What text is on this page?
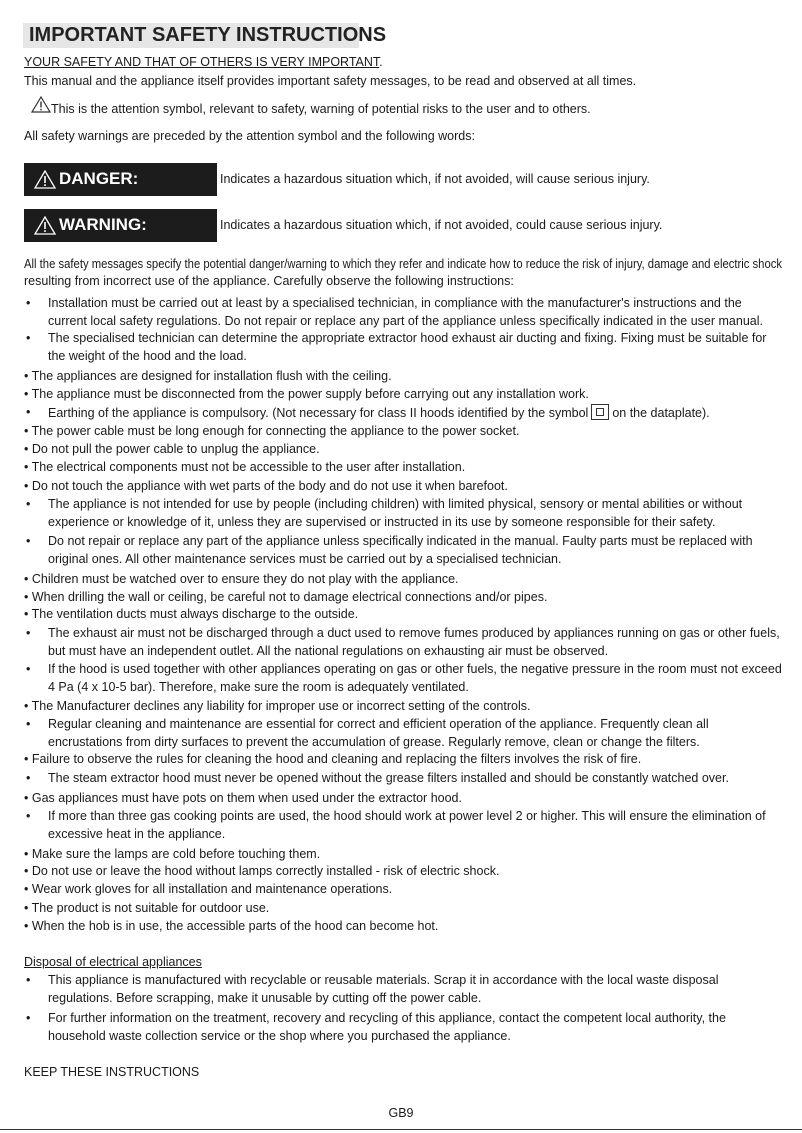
IMPORTANT SAFETY INSTRUCTIONS
YOUR SAFETY AND THAT OF OTHERS IS VERY IMPORTANT.
This manual and the appliance itself provides important safety messages, to be read and observed at all times.
This is the attention symbol, relevant to safety, warning of potential risks to the user and to others.
All safety warnings are preceded by the attention symbol and the following words:
DANGER:	Indicates a hazardous situation which, if not avoided, will cause serious injury.
WARNING:	Indicates a hazardous situation which, if not avoided, could cause serious injury.
All the safety messages specify the potential danger/warning to which they refer and indicate how to reduce the risk of injury, damage and electric shock
resulting from incorrect use of the appliance. Carefully observe the following instructions:
• Installation must be carried out at least by a specialised technician, in compliance with the manufacturer's instructions and the current local safety regulations. Do not repair or replace any part of the appliance unless specifically indicated in the user manual.
• The specialised technician can determine the appropriate extractor hood exhaust air ducting and fixing. Fixing must be suitable for the weight of the hood and the load.
• The appliances are designed for installation flush with the ceiling.
• The appliance must be disconnected from the power supply before carrying out any installation work.
• Earthing of the appliance is compulsory. (Not necessary for class II hoods identified by the symbol on the dataplate).
• The power cable must be long enough for connecting the appliance to the power socket.
• Do not pull the power cable to unplug the appliance.
• The electrical components must not be accessible to the user after installation.
• Do not touch the appliance with wet parts of the body and do not use it when barefoot.
• The appliance is not intended for use by people (including children) with limited physical, sensory or mental abilities or without experience or knowledge of it, unless they are supervised or instructed in its use by someone responsible for their safety.
• Do not repair or replace any part of the appliance unless specifically indicated in the manual. Faulty parts must be replaced with original ones. All other maintenance services must be carried out by a specialised technician.
• Children must be watched over to ensure they do not play with the appliance.
• When drilling the wall or ceiling, be careful not to damage electrical connections and/or pipes.
• The ventilation ducts must always discharge to the outside.
• The exhaust air must not be discharged through a duct used to remove fumes produced by appliances running on gas or other fuels, but must have an independent outlet. All the national regulations on exhausting air must be observed.
• If the hood is used together with other appliances operating on gas or other fuels, the negative pressure in the room must not exceed 4 Pa (4 x 10-5 bar). Therefore, make sure the room is adequately ventilated.
• The Manufacturer declines any liability for improper use or incorrect setting of the controls.
• Regular cleaning and maintenance are essential for correct and efficient operation of the appliance. Frequently clean all encrustations from dirty surfaces to prevent the accumulation of grease. Regularly remove, clean or change the filters.
• Failure to observe the rules for cleaning the hood and cleaning and replacing the filters involves the risk of fire.
• The steam extractor hood must never be opened without the grease filters installed and should be constantly watched over.
• Gas appliances must have pots on them when used under the extractor hood.
• If more than three gas cooking points are used, the hood should work at power level 2 or higher. This will ensure the elimination of excessive heat in the appliance.
• Make sure the lamps are cold before touching them.
• Do not use or leave the hood without lamps correctly installed - risk of electric shock.
• Wear work gloves for all installation and maintenance operations.
• The product is not suitable for outdoor use.
• When the hob is in use, the accessible parts of the hood can become hot.
Disposal of electrical appliances
• This appliance is manufactured with recyclable or reusable materials. Scrap it in accordance with the local waste disposal regulations. Before scrapping, make it unusable by cutting off the power cable.
• For further information on the treatment, recovery and recycling of this appliance, contact the competent local authority, the household waste collection service or the shop where you purchased the appliance.
KEEP THESE INSTRUCTIONS
GB9
